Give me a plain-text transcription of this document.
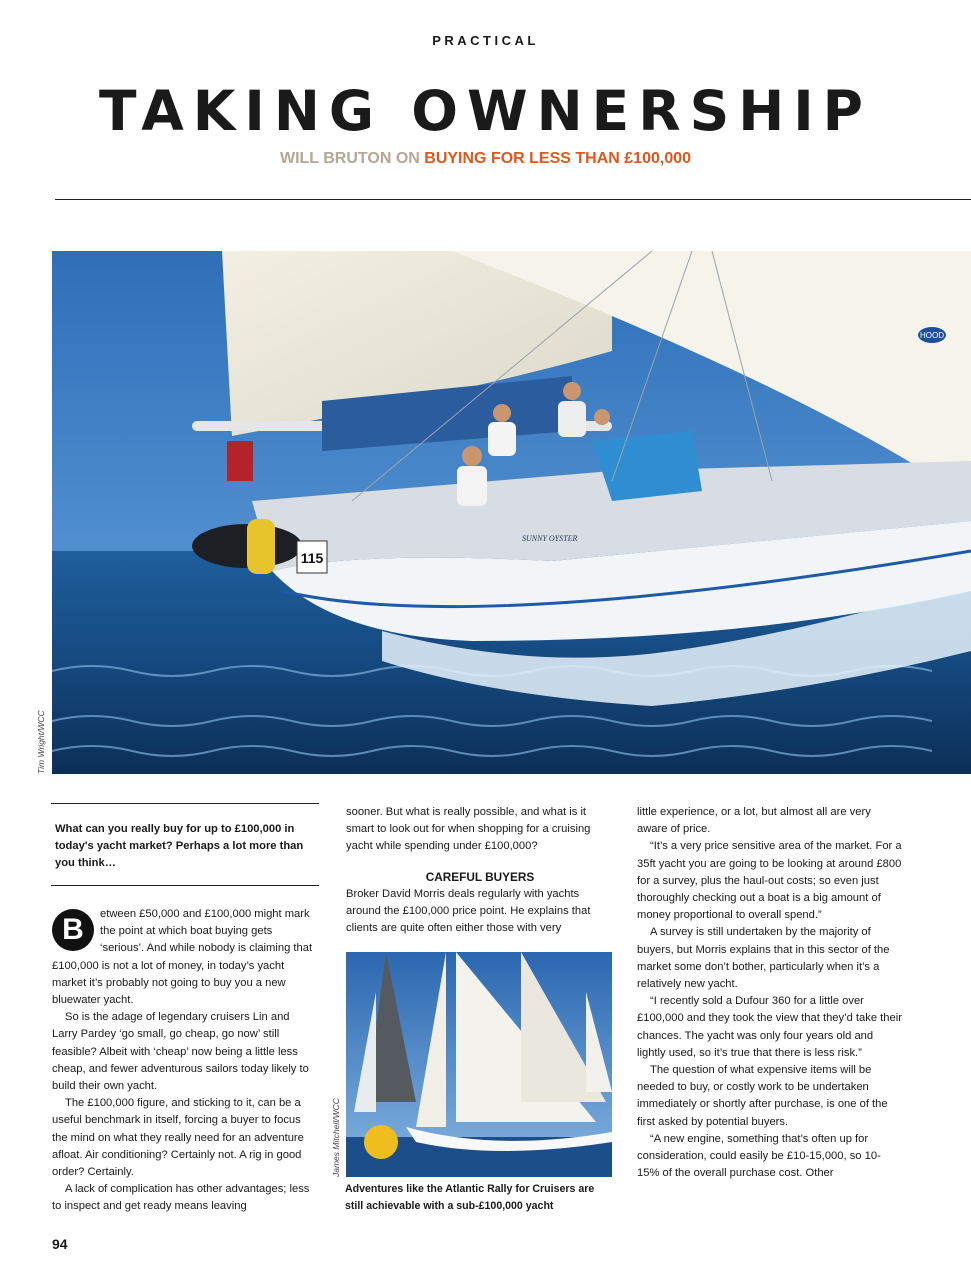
PRACTICAL
TAKING OWNERSHIP
WILL BRUTON ON BUYING FOR LESS THAN £100,000
HOOD
115
SUNNY OYSTER
Tim Wright/WCC

What can you really buy for up to £100,000 in today's yacht market? Perhaps a lot more than you think…

B	etween £50,000 and £100,000 might mark the point at which boat buying gets ‘serious’. And while nobody is claiming that £100,000 is not a lot of money, in today’s yacht market it’s probably not going to buy you a new bluewater yacht.

So is the adage of legendary cruisers Lin and Larry Pardey ‘go small, go cheap, go now’ still feasible? Albeit with ‘cheap’ now being a little less cheap, and fewer adventurous sailors today likely to build their own yacht.

The £100,000 figure, and sticking to it, can be a useful benchmark in itself, forcing a buyer to focus the mind on what they really need for an adventure afloat. Air conditioning? Certainly not. A rig in good order? Certainly.

A lack of complication has other advantages; less to inspect and get ready means leaving

sooner. But what is really possible, and what is it smart to look out for when shopping for a cruising yacht while spending under £100,000?

CAREFUL BUYERS

Broker David Morris deals regularly with yachts around the £100,000 price point. He explains that clients are quite often either those with very

James Mitchell/WCC
Adventures like the Atlantic Rally for Cruisers are still achievable with a sub-£100,000 yacht

little experience, or a lot, but almost all are very aware of price.

“It’s a very price sensitive area of the market. For a 35ft yacht you are going to be looking at around £800 for a survey, plus the haul-out costs; so even just thoroughly checking out a boat is a big amount of money proportional to overall spend.”

A survey is still undertaken by the majority of buyers, but Morris explains that in this sector of the market some don’t bother, particularly when it’s a relatively new yacht.

“I recently sold a Dufour 360 for a little over £100,000 and they took the view that they’d take their chances. The yacht was only four years old and lightly used, so it’s true that there is less risk.”

The question of what expensive items will be needed to buy, or costly work to be undertaken immediately or shortly after purchase, is one of the first asked by potential buyers.

“A new engine, something that’s often up for consideration, could easily be £10-15,000, so 10-15% of the overall purchase cost. Other

94
